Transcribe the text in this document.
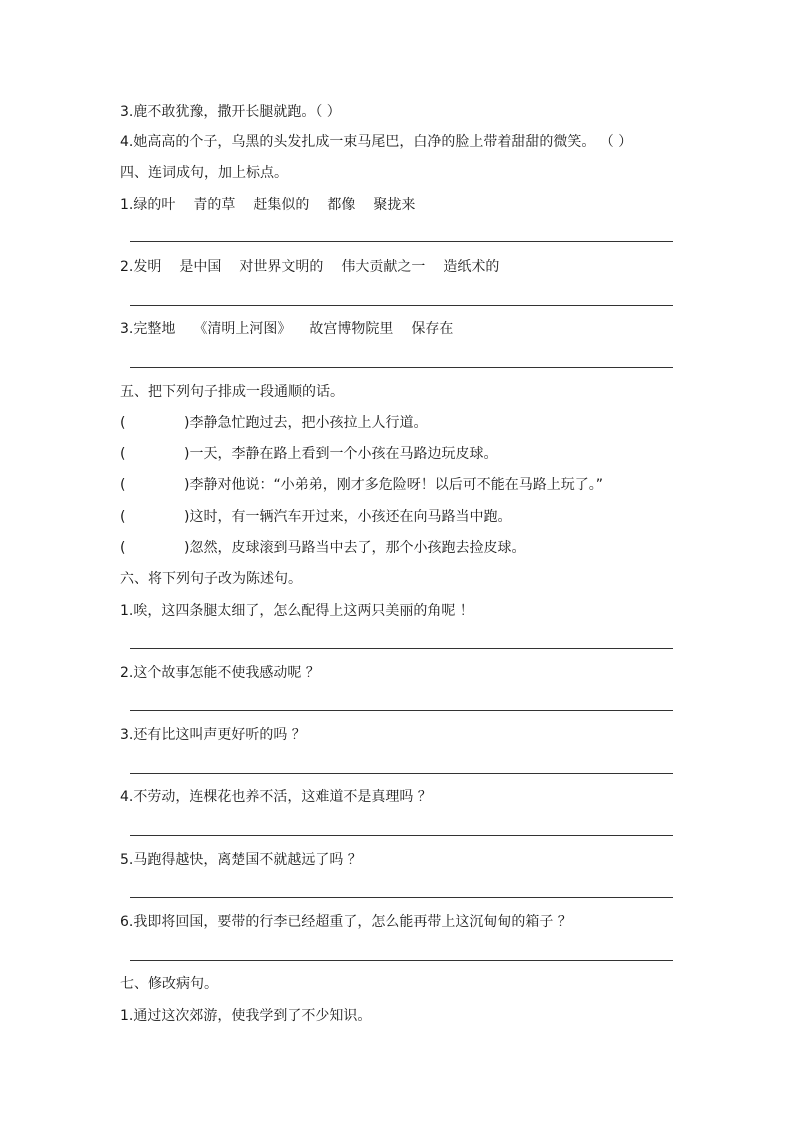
3.鹿不敢犹豫，撒开长腿就跑。（ ）
4.她高高的个子，乌黑的头发扎成一束马尾巴，白净的脸上带着甜甜的微笑。 （ ）
四、连词成句，加上标点。
1.绿的叶 青的草 赶集似的 都像 聚拢来
2.发明 是中国 对世界文明的 伟大贡献之一 造纸术的
3.完整地 《清明上河图》 故宫博物院里 保存在
五、把下列句子排成一段通顺的话。
(	)李静急忙跑过去，把小孩拉上人行道。
(	)一天，李静在路上看到一个小孩在马路边玩皮球。
(	)李静对他说：“小弟弟，刚才多危险呀！以后可不能在马路上玩了。”
(	)这时，有一辆汽车开过来，小孩还在向马路当中跑。
(	)忽然，皮球滚到马路当中去了，那个小孩跑去捡皮球。
六、将下列句子改为陈述句。
1.唉，这四条腿太细了，怎么配得上这两只美丽的角呢 ！
2.这个故事怎能不使我感动呢 ？
3.还有比这叫声更好听的吗 ？
4.不劳动，连棵花也养不活，这难道不是真理吗 ？
5.马跑得越快，离楚国不就越远了吗 ？
6.我即将回国，要带的行李已经超重了，怎么能再带上这沉甸甸的箱子 ？
七、修改病句。
1.通过这次郊游，使我学到了不少知识。
